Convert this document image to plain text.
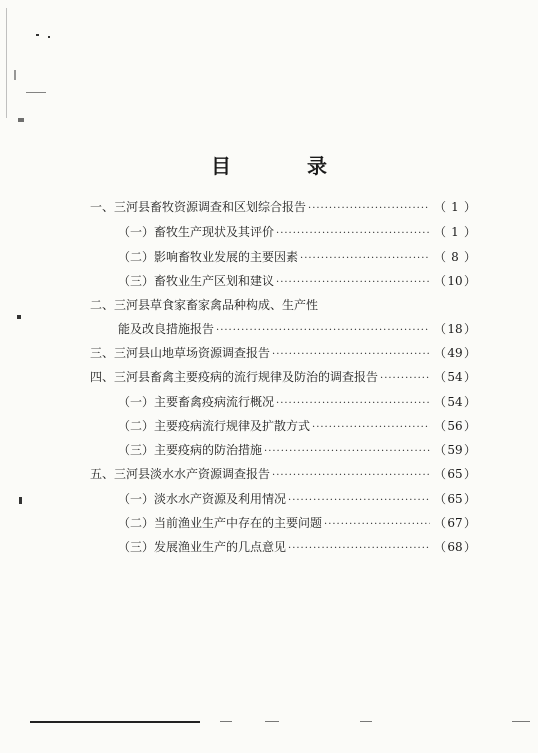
目　录
一、三河县畜牧资源调查和区划综合报告 ·····	（ 1 ）
（一）畜牧生产现状及其评价 ·····	（ 1 ）
（二）影响畜牧业发展的主要因素 ·····	（ 8 ）
（三）畜牧业生产区划和建议 ·····	（10）
二、三河县草食家畜家禽品种构成、生产性
能及改良措施报告 ·····	（18）
三、三河县山地草场资源调查报告 ·····	（49）
四、三河县畜禽主要疫病的流行规律及防治的调查报告 ·····	（54）
（一）主要畜禽疫病流行概况 ·····	（54）
（二）主要疫病流行规律及扩散方式 ·····	（56）
（三）主要疫病的防治措施 ·····	（59）
五、三河县淡水水产资源调查报告 ·····	（65）
（一）淡水水产资源及利用情况 ·····	（65）
（二）当前渔业生产中存在的主要问题 ·····	（67）
（三）发展渔业生产的几点意见 ·····	（68）
